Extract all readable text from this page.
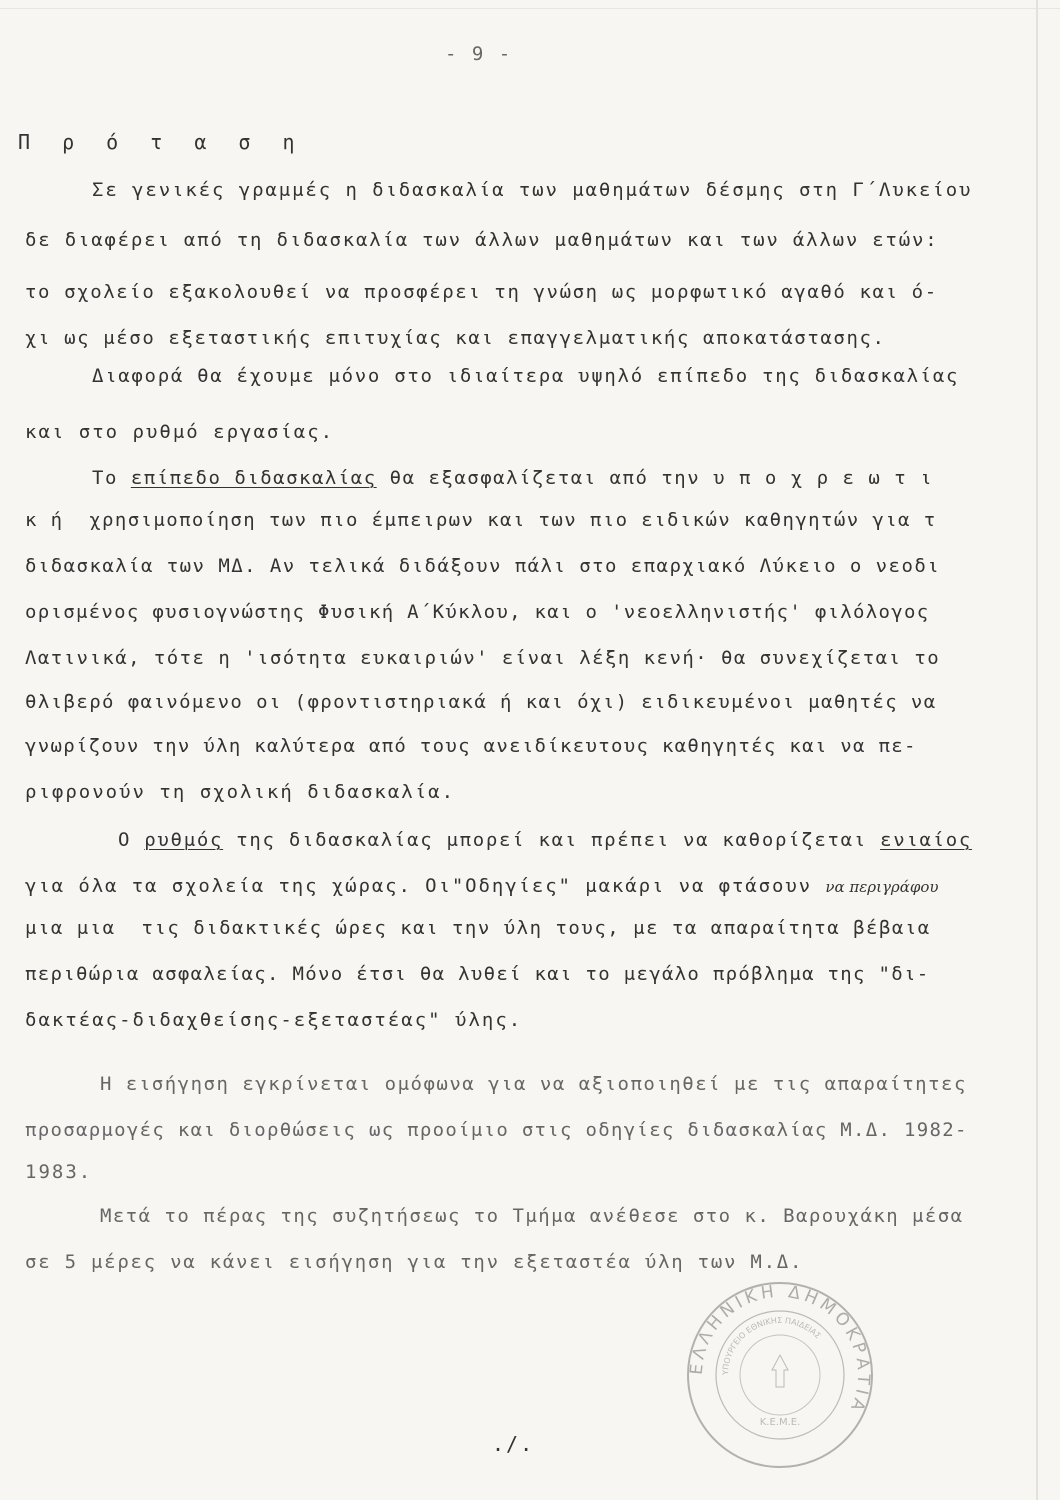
- 9 -
Π ρ ό τ α σ η
Σε γενικές γραμμές η διδασκαλία των μαθημάτων δέσμης στη Γ΄Λυκείου
δε διαφέρει από τη διδασκαλία των άλλων μαθημάτων και των άλλων ετών:
το σχολείο εξακολουθεί να προσφέρει τη γνώση ως μορφωτικό αγαθό και ό-
χι ως μέσο εξεταστικής επιτυχίας και επαγγελματικής αποκατάστασης.
Διαφορά θα έχουμε μόνο στο ιδιαίτερα υψηλό επίπεδο της διδασκαλίας
και στο ρυθμό εργασίας.
Το επίπεδο διδασκαλίας θα εξασφαλίζεται από την υ π ο χ ρ ε ω τ ι
κ ή  χρησιμοποίηση των πιο έμπειρων και των πιο ειδικών καθηγητών για τ
διδασκαλία των ΜΔ. Αν τελικά διδάξουν πάλι στο επαρχιακό Λύκειο ο νεοδι
ορισμένος φυσιογνώστης Φυσική Α΄Κύκλου, και ο 'νεοελληνιστής' φιλόλογος
Λατινικά, τότε η 'ισότητα ευκαιριών' είναι λέξη κενή· θα συνεχίζεται το
θλιβερό φαινόμενο οι (φροντιστηριακά ή και όχι) ειδικευμένοι μαθητές να
γνωρίζουν την ύλη καλύτερα από τους ανειδίκευτους καθηγητές και να πε-
ριφρονούν τη σχολική διδασκαλία.
Ο ρυθμός της διδασκαλίας μπορεί και πρέπει να καθορίζεται ενιαίος
για όλα τα σχολεία της χώρας. Οι"Οδηγίες" μακάρι να φτάσουν να περιγράφου
μια μια  τις διδακτικές ώρες και την ύλη τους, με τα απαραίτητα βέβαια
περιθώρια ασφαλείας. Μόνο έτσι θα λυθεί και το μεγάλο πρόβλημα της "δι-
δακτέας-διδαχθείσης-εξεταστέας" ύλης.
Η εισήγηση εγκρίνεται ομόφωνα για να αξιοποιηθεί με τις απαραίτητες
προσαρμογές και διορθώσεις ως προοίμιο στις οδηγίες διδασκαλίας Μ.Δ. 1982-
1983.
Μετά το πέρας της συζητήσεως το Τμήμα ανέθεσε στο κ. Βαρουχάκη μέσα
σε 5 μέρες να κάνει εισήγηση για την εξεταστέα ύλη των Μ.Δ.
./.
ΕΛΛΗΝΙΚΗ ΔΗΜΟΚΡΑΤΙΑ
ΥΠΟΥΡΓΕΙΟ ΕΘΝΙΚΗΣ ΠΑΙΔΕΙΑΣ
Κ.Ε.Μ.Ε.
